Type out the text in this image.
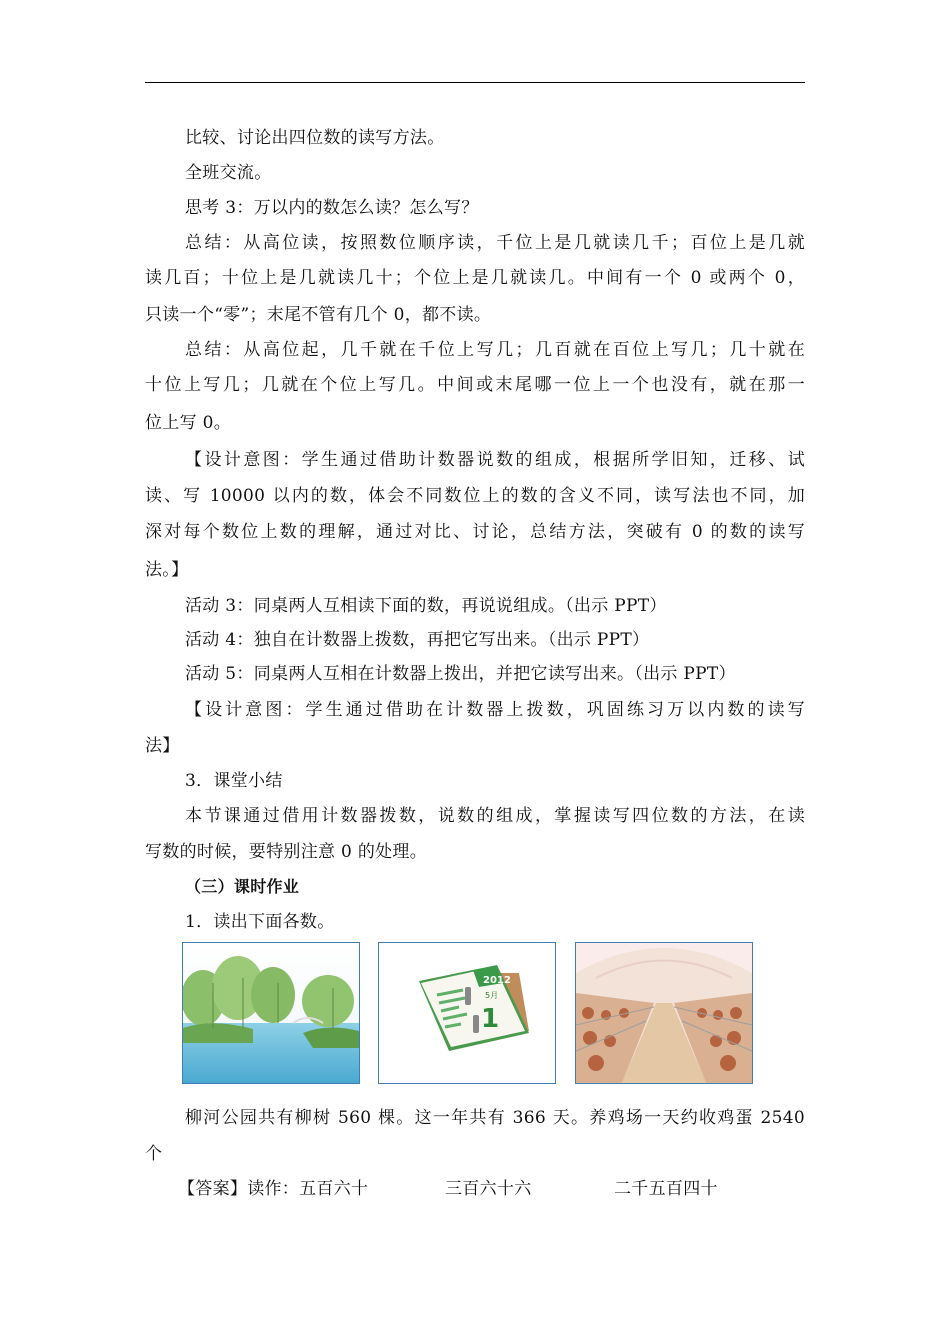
比较、讨论出四位数的读写方法。
全班交流。
思考 3：万以内的数怎么读？怎么写？
总结：从高位读，按照数位顺序读，千位上是几就读几千；百位上是几就
读几百；十位上是几就读几十；个位上是几就读几。中间有一个 0 或两个 0，
只读一个“零”；末尾不管有几个 0，都不读。
总结：从高位起，几千就在千位上写几；几百就在百位上写几；几十就在
十位上写几；几就在个位上写几。中间或末尾哪一位上一个也没有，就在那一
位上写 0。
【设计意图：学生通过借助计数器说数的组成，根据所学旧知，迁移、试
读、写 10000 以内的数，体会不同数位上的数的含义不同，读写法也不同，加
深对每个数位上数的理解，通过对比、讨论，总结方法，突破有 0 的数的读写
法。】
活动 3：同桌两人互相读下面的数，再说说组成。（出示 PPT）
活动 4：独自在计数器上拨数，再把它写出来。（出示 PPT）
活动 5：同桌两人互相在计数器上拨出，并把它读写出来。（出示 PPT）
【设计意图：学生通过借助在计数器上拨数，巩固练习万以内数的读写
法】
3．课堂小结
本节课通过借用计数器拨数，说数的组成，掌握读写四位数的方法，在读
写数的时候，要特别注意 0 的处理。
（三）课时作业
1．读出下面各数。
2012
5月
1
柳河公园共有柳树 560 棵。这一年共有 366 天。养鸡场一天约收鸡蛋 2540
个
【答案】读作：五百六十	三百六十六	二千五百四十
